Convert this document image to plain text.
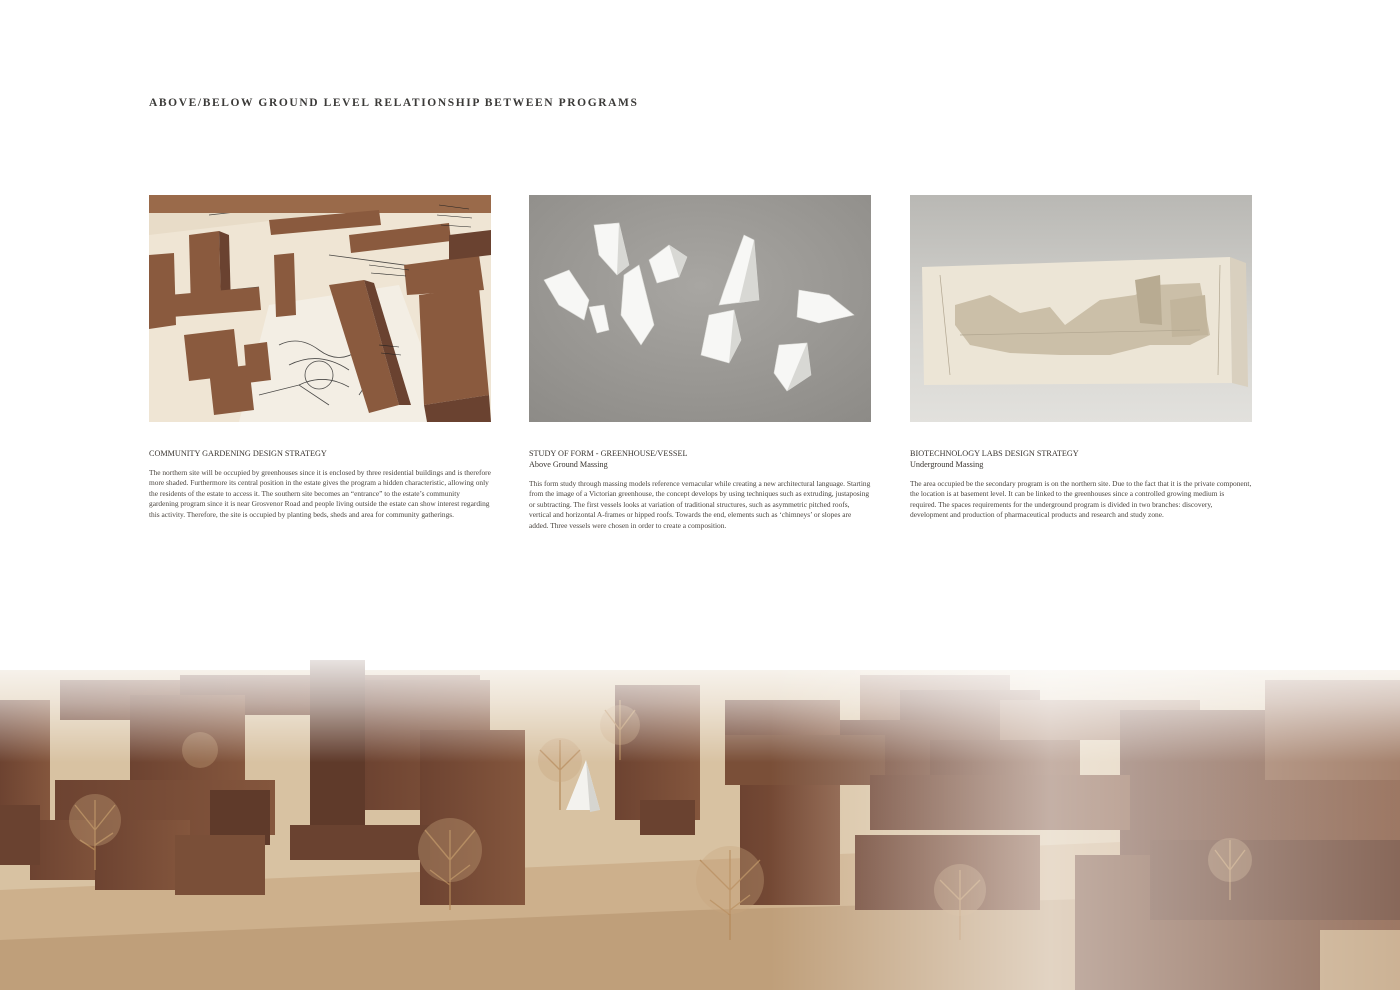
ABOVE/BELOW GROUND LEVEL RELATIONSHIP BETWEEN PROGRAMS
COMMUNITY GARDENING DESIGN STRATEGY
The northern site will be occupied by greenhouses since it is enclosed by three residential buildings and is therefore more shaded. Furthermore its central position in the estate gives the program a hidden characteristic, allowing only the residents of the estate to access it. The southern site becomes an “entrance” to the estate’s community gardening program since it is near Grosvenor Road and people living outside the estate can show interest regarding this activity. Therefore, the site is occupied by planting beds, sheds and area for community gatherings.
STUDY OF FORM - GREENHOUSE/VESSEL
Above Ground Massing
This form study through massing models reference vernacular while creating a new architectural language. Starting from the image of a Victorian greenhouse, the concept develops by using techniques such as extruding, justaposing or subtracting. The first vessels looks at variation of traditional structures, such as asymmetric pitched roofs, vertical and horizontal A-frames or hipped roofs. Towards the end, elements such as ‘chimneys’ or slopes are added. Three vessels were chosen in order to create a composition.
BIOTECHNOLOGY LABS DESIGN STRATEGY
Underground Massing
The area occupied be the secondary program is on the northern site. Due to the fact that it is the private component, the location is at basement level. It can be linked to the greenhouses since a controlled growing medium is required. The spaces requirements for the underground program is divided in two branches: discovery, development and production of pharmaceutical products and research and study zone.
